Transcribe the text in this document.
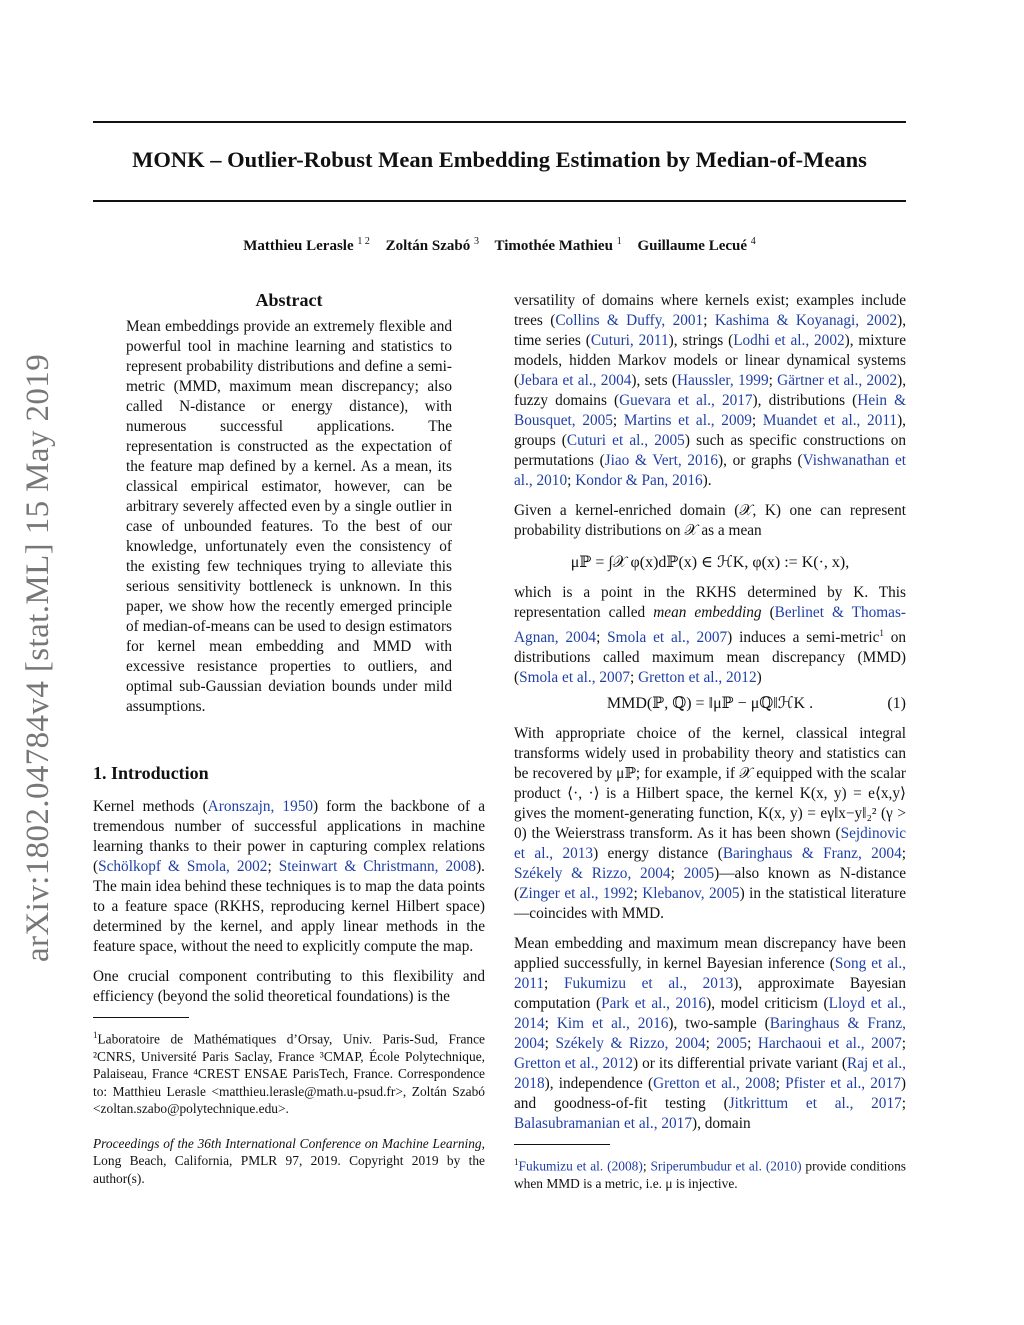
MONK – Outlier-Robust Mean Embedding Estimation by Median-of-Means
Matthieu Lerasle $^{1 2}$ Zoltán Szabó $^3$ Timothée Mathieu $^1$ Guillaume Lecué $^4$
arXiv:1802.04784v4 [stat.ML] 15 May 2019
Abstract

Mean embeddings provide an extremely flexible and powerful tool in machine learning and statistics to represent probability distributions and define a semi-metric (MMD, maximum mean discrepancy; also called N-distance or energy distance), with numerous successful applications. The representation is constructed as the expectation of the feature map defined by a kernel. As a mean, its classical empirical estimator, however, can be arbitrary severely affected even by a single outlier in case of unbounded features. To the best of our knowledge, unfortunately even the consistency of the existing few techniques trying to alleviate this serious sensitivity bottleneck is unknown. In this paper, we show how the recently emerged principle of median-of-means can be used to design estimators for kernel mean embedding and MMD with excessive resistance properties to outliers, and optimal sub-Gaussian deviation bounds under mild assumptions.

1. Introduction

Kernel methods (Aronszajn, 1950) form the backbone of a tremendous number of successful applications in machine learning thanks to their power in capturing complex relations (Schölkopf & Smola, 2002; Steinwart & Christmann, 2008). The main idea behind these techniques is to map the data points to a feature space (RKHS, reproducing kernel Hilbert space) determined by the kernel, and apply linear methods in the feature space, without the need to explicitly compute the map.

One crucial component contributing to this flexibility and efficiency (beyond the solid theoretical foundations) is the

$^1$Laboratoire de Mathématiques d’Orsay, Univ. Paris-Sud, France ²CNRS, Université Paris Saclay, France ³CMAP, École Polytechnique, Palaiseau, France ⁴CREST ENSAE ParisTech, France. Correspondence to: Matthieu Lerasle <matthieu.lerasle@math.u-psud.fr>, Zoltán Szabó <zoltan.szabo@polytechnique.edu>.

Proceedings of the 36th International Conference on Machine Learning, Long Beach, California, PMLR 97, 2019. Copyright 2019 by the author(s).

versatility of domains where kernels exist; examples include trees (Collins & Duffy, 2001; Kashima & Koyanagi, 2002), time series (Cuturi, 2011), strings (Lodhi et al., 2002), mixture models, hidden Markov models or linear dynamical systems (Jebara et al., 2004), sets (Haussler, 1999; Gärtner et al., 2002), fuzzy domains (Guevara et al., 2017), distributions (Hein & Bousquet, 2005; Martins et al., 2009; Muandet et al., 2011), groups (Cuturi et al., 2005) such as specific constructions on permutations (Jiao & Vert, 2016), or graphs (Vishwanathan et al., 2010; Kondor & Pan, 2016).

Given a kernel-enriched domain (𝒳, K) one can represent probability distributions on 𝒳 as a mean

μℙ = ∫𝒳 φ(x)dℙ(x) ∈ ℋK, φ(x) := K(·, x),

which is a point in the RKHS determined by K. This representation called mean embedding (Berlinet & Thomas-Agnan, 2004; Smola et al., 2007) induces a semi-metric$^1$ on distributions called maximum mean discrepancy (MMD) (Smola et al., 2007; Gretton et al., 2012)

MMD(ℙ, ℚ) = ‖μℙ − μℚ‖ℋK .	(1)

With appropriate choice of the kernel, classical integral transforms widely used in probability theory and statistics can be recovered by μℙ; for example, if 𝒳 equipped with the scalar product ⟨·, ·⟩ is a Hilbert space, the kernel K(x, y) = e⟨x,y⟩ gives the moment-generating function, K(x, y) = eγ‖x−y‖₂² (γ > 0) the Weierstrass transform. As it has been shown (Sejdinovic et al., 2013) energy distance (Baringhaus & Franz, 2004; Székely & Rizzo, 2004; 2005)—also known as N-distance (Zinger et al., 1992; Klebanov, 2005) in the statistical literature—coincides with MMD.

Mean embedding and maximum mean discrepancy have been applied successfully, in kernel Bayesian inference (Song et al., 2011; Fukumizu et al., 2013), approximate Bayesian computation (Park et al., 2016), model criticism (Lloyd et al., 2014; Kim et al., 2016), two-sample (Baringhaus & Franz, 2004; Székely & Rizzo, 2004; 2005; Harchaoui et al., 2007; Gretton et al., 2012) or its differential private variant (Raj et al., 2018), independence (Gretton et al., 2008; Pfister et al., 2017) and goodness-of-fit testing (Jitkrittum et al., 2017; Balasubramanian et al., 2017), domain

$^1$Fukumizu et al. (2008); Sriperumbudur et al. (2010) provide conditions when MMD is a metric, i.e. μ is injective.
